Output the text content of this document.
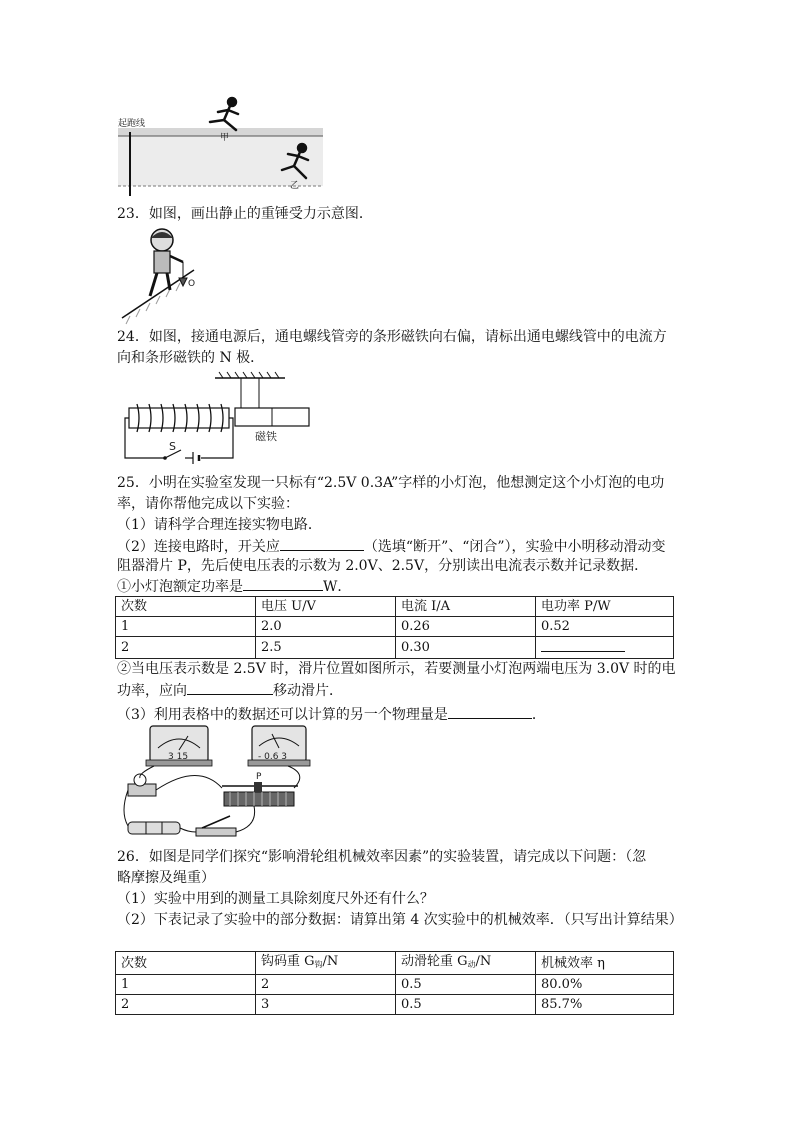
起跑线
甲
乙
23．如图，画出静止的重锤受力示意图．
O
24．如图，接通电源后，通电螺线管旁的条形磁铁向右偏，请标出通电螺线管中的电流方
向和条形磁铁的 N 极．
磁铁
S
25．小明在实验室发现一只标有“2.5V 0.3A”字样的小灯泡，他想测定这个小灯泡的电功
率，请你帮他完成以下实验：
（1）请科学合理连接实物电路．
（2）连接电路时，开关应	（选填“断开”、“闭合”），实验中小明移动滑动变
阻器滑片 P，先后使电压表的示数为 2.0V、2.5V，分别读出电流表示数并记录数据．
①小灯泡额定功率是	W．
次数	电压 U/V	电流 I/A	电功率 P/W
1	2.0	0.26	0.52
2	2.5	0.30	
②当电压表示数是 2.5V 时，滑片位置如图所示，若要测量小灯泡两端电压为 3.0V 时的电
功率，应向	移动滑片．
（3）利用表格中的数据还可以计算的另一个物理量是	．
3 15	- 0.6 3
P
26．如图是同学们探究“影响滑轮组机械效率因素”的实验装置，请完成以下问题：（忽
略摩擦及绳重）
（1）实验中用到的测量工具除刻度尺外还有什么？
（2）下表记录了实验中的部分数据：请算出第 4 次实验中的机械效率．（只写出计算结果）
次数	钩码重 $G_钩/N$	动滑轮重 $G_动/N$	机械效率 η
1	2	0.5	80.0%
2	3	0.5	85.7%
